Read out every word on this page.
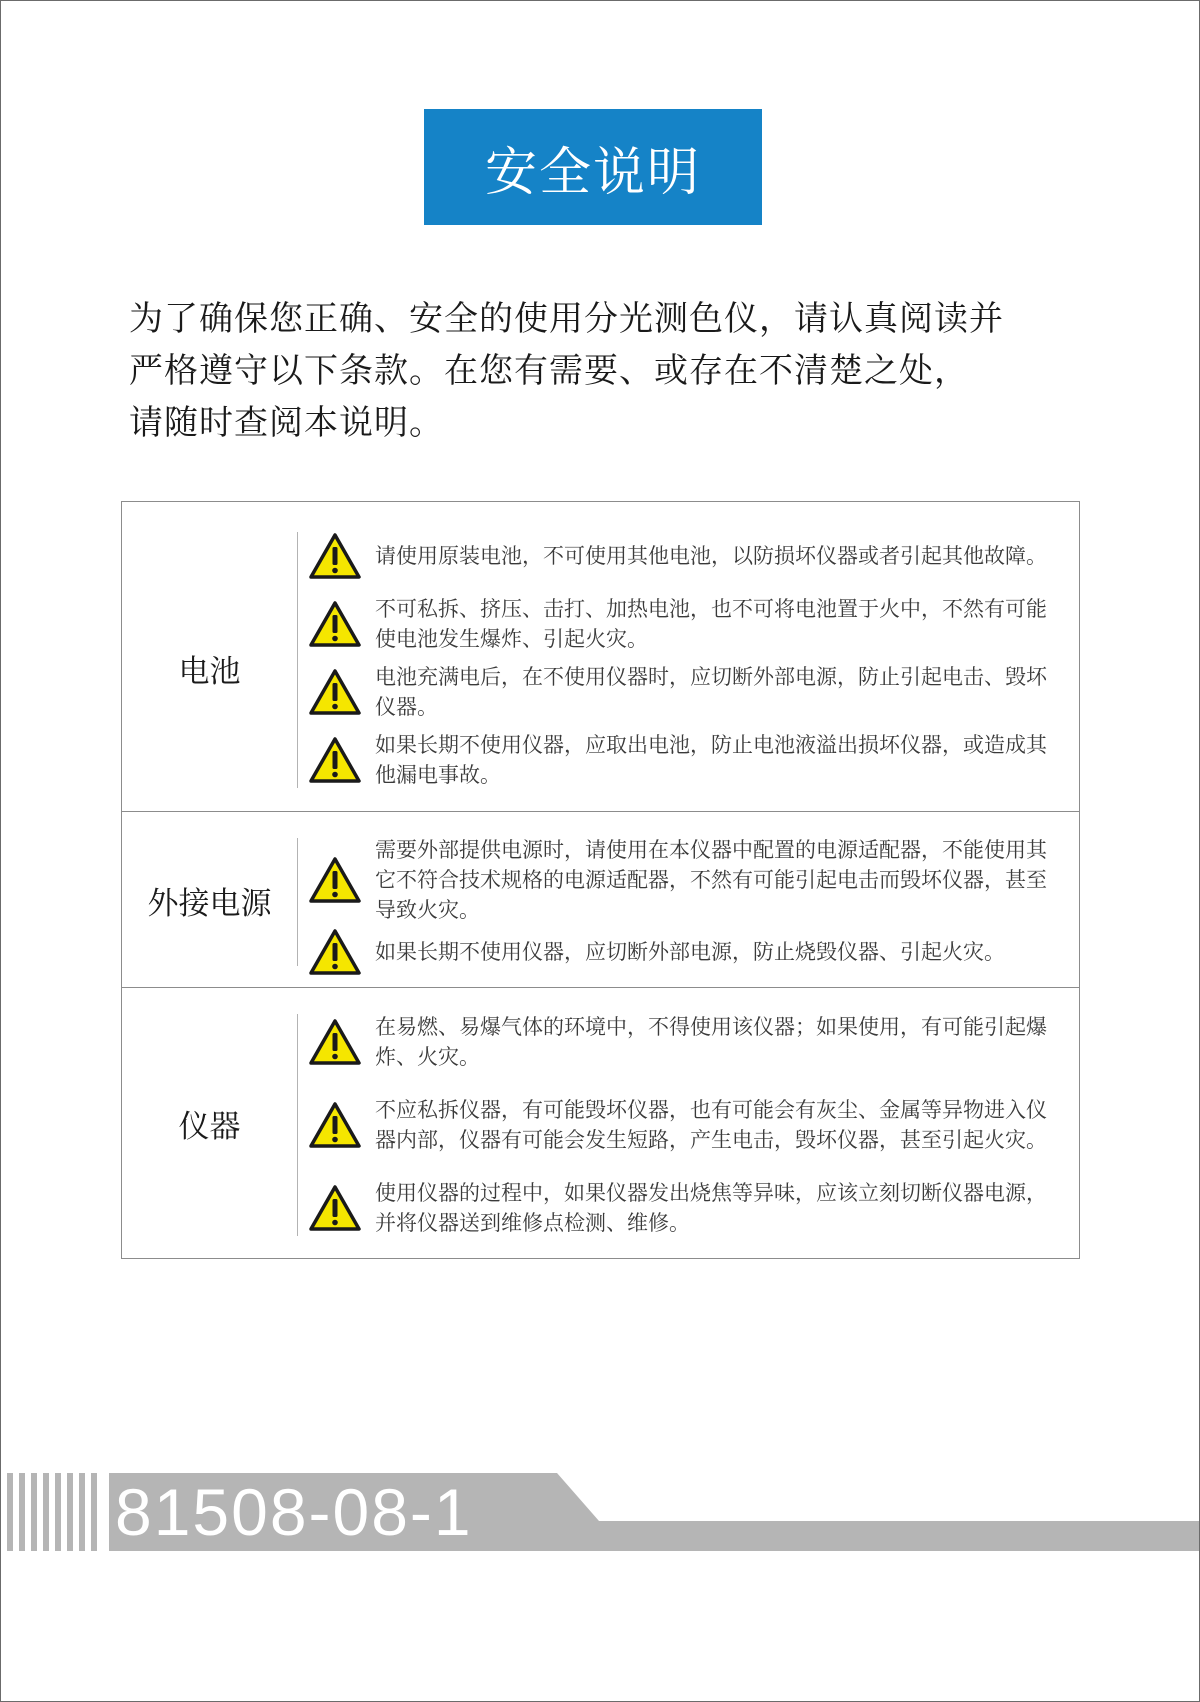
安全说明

为了确保您正确、安全的使用分光测色仪，请认真阅读并

严格遵守以下条款。在您有需要、或存在不清楚之处，

请随时查阅本说明。

电池
请使用原装电池，不可使用其他电池，以防损坏仪器或者引起其他故障。
不可私拆、挤压、击打、加热电池，也不可将电池置于火中，不然有可能使电池发生爆炸、引起火灾。
电池充满电后，在不使用仪器时，应切断外部电源，防止引起电击、毁坏仪器。
如果长期不使用仪器，应取出电池，防止电池液溢出损坏仪器，或造成其他漏电事故。
外接电源
需要外部提供电源时，请使用在本仪器中配置的电源适配器，不能使用其它不符合技术规格的电源适配器，不然有可能引起电击而毁坏仪器，甚至导致火灾。
如果长期不使用仪器，应切断外部电源，防止烧毁仪器、引起火灾。
仪器
在易燃、易爆气体的环境中，不得使用该仪器；如果使用，有可能引起爆炸、火灾。
不应私拆仪器，有可能毁坏仪器，也有可能会有灰尘、金属等异物进入仪器内部，仪器有可能会发生短路，产生电击，毁坏仪器，甚至引起火灾。
使用仪器的过程中，如果仪器发出烧焦等异味，应该立刻切断仪器电源，并将仪器送到维修点检测、维修。
81508-08-1
